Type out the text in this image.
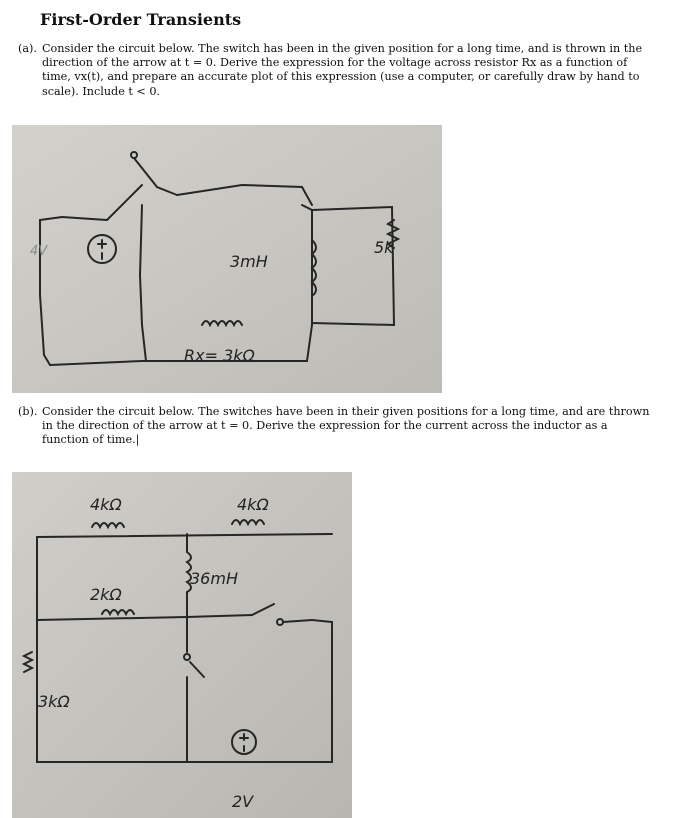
First-Order Transients
(a). Consider the circuit below. The switch has been in the given position for a long time, and is thrown in the direction of the arrow at t = 0. Derive the expression for the voltage across resistor Rx as a function of time, vx(t), and prepare an accurate plot of this expression (use a computer, or carefully draw by hand to scale). Include t < 0.
4V
3mH
5k
Rx= 3kΩ
(b). Consider the circuit below. The switches have been in their given positions for a long time, and are thrown in the direction of the arrow at t = 0. Derive the expression for the current across the inductor as a function of time.|
4kΩ	4kΩ
36mH
2kΩ
3kΩ
2V
